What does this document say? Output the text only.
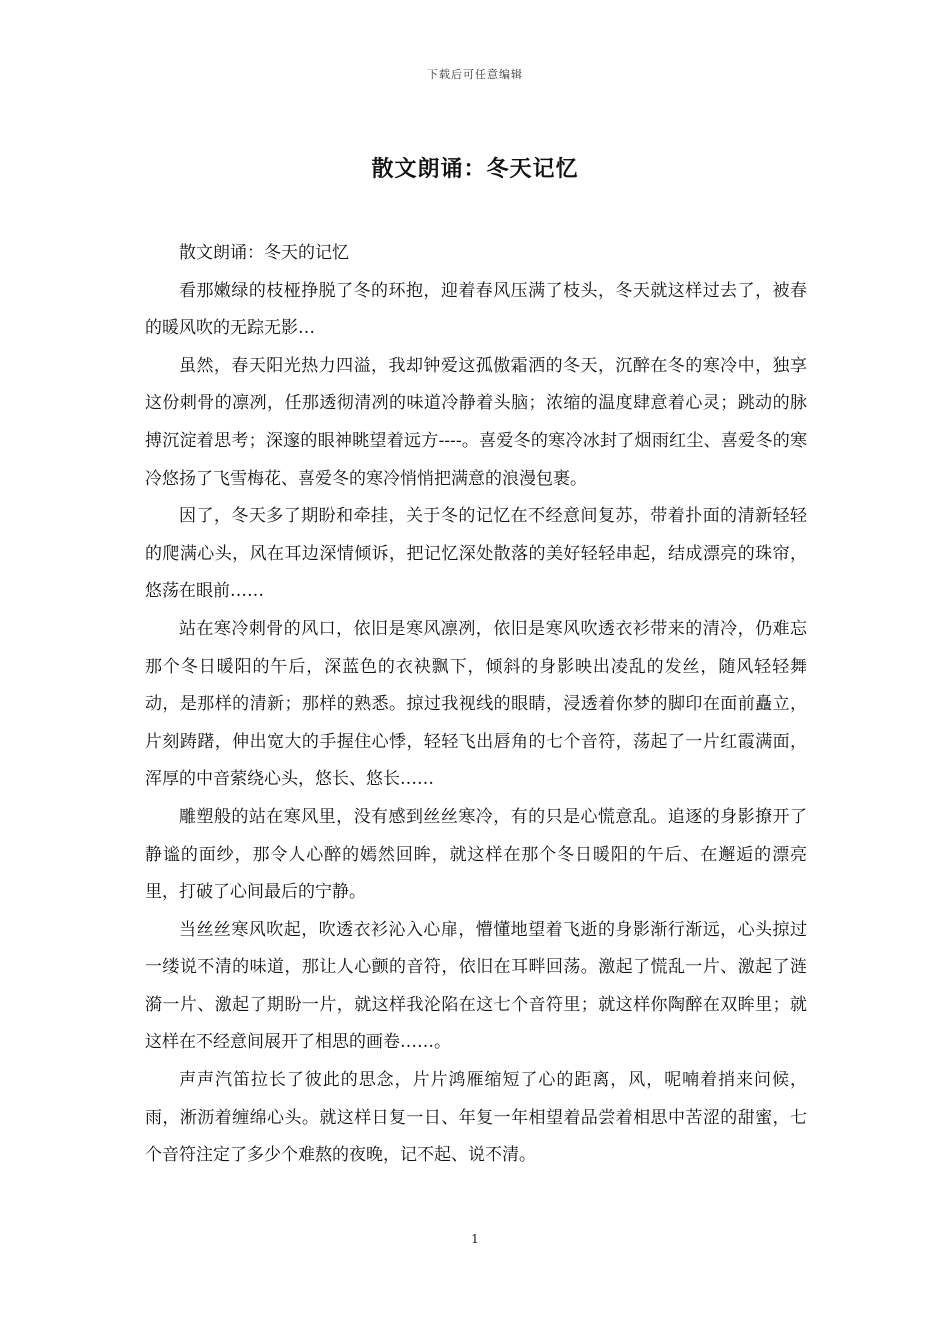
下载后可任意编辑
散文朗诵：冬天记忆

散文朗诵：冬天的记忆

看那嫩绿的枝桠挣脱了冬的环抱，迎着春风压满了枝头，冬天就这样过去了，被春的暖风吹的无踪无影…

虽然，春天阳光热力四溢，我却钟爱这孤傲霜洒的冬天，沉醉在冬的寒冷中，独享这份刺骨的凛冽，任那透彻清冽的味道冷静着头脑；浓缩的温度肆意着心灵；跳动的脉搏沉淀着思考；深邃的眼神眺望着远方----。喜爱冬的寒冷冰封了烟雨红尘、喜爱冬的寒冷悠扬了飞雪梅花、喜爱冬的寒冷悄悄把满意的浪漫包裹。

因了，冬天多了期盼和牵挂，关于冬的记忆在不经意间复苏，带着扑面的清新轻轻的爬满心头，风在耳边深情倾诉，把记忆深处散落的美好轻轻串起，结成漂亮的珠帘，悠荡在眼前……

站在寒冷刺骨的风口，依旧是寒风凛冽，依旧是寒风吹透衣衫带来的清冷，仍难忘那个冬日暖阳的午后，深蓝色的衣袂飘下，倾斜的身影映出凌乱的发丝，随风轻轻舞动，是那样的清新；那样的熟悉。掠过我视线的眼睛，浸透着你梦的脚印在面前矗立，片刻踌躇，伸出宽大的手握住心悸，轻轻飞出唇角的七个音符，荡起了一片红霞满面，浑厚的中音萦绕心头，悠长、悠长……

雕塑般的站在寒风里，没有感到丝丝寒冷，有的只是心慌意乱。追逐的身影撩开了静谧的面纱，那令人心醉的嫣然回眸，就这样在那个冬日暖阳的午后、在邂逅的漂亮里，打破了心间最后的宁静。

当丝丝寒风吹起，吹透衣衫沁入心扉，懵懂地望着飞逝的身影渐行渐远，心头掠过一缕说不清的味道，那让人心颤的音符，依旧在耳畔回荡。激起了慌乱一片、激起了涟漪一片、激起了期盼一片，就这样我沦陷在这七个音符里；就这样你陶醉在双眸里；就这样在不经意间展开了相思的画卷……。

声声汽笛拉长了彼此的思念，片片鸿雁缩短了心的距离，风，呢喃着捎来问候，雨，淅沥着缠绵心头。就这样日复一日、年复一年相望着品尝着相思中苦涩的甜蜜，七个音符注定了多少个难熬的夜晚，记不起、说不清。

1
